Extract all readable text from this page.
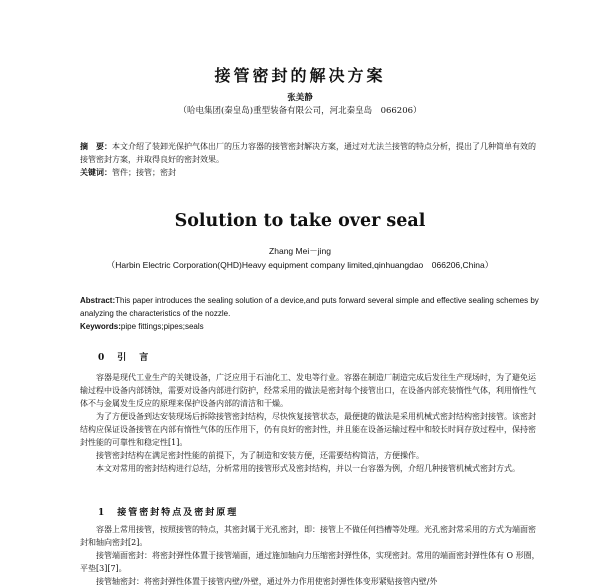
接管密封的解决方案
张美静
（哈电集团(秦皇岛)重型装备有限公司，河北秦皇岛　066206）
摘　要：本文介绍了装卸光保护气体出厂的压力容器的接管密封解决方案，通过对尤法兰接管的特点分析，提出了几种简单有效的接管密封方案，并取得良好的密封效果。
关键词：管件；接管；密封
Solution to take over seal
Zhang Mei－jing
（Harbin Electric Corporation(QHD)Heavy equipment company limited,qinhuangdao　066206,China）
Abstract:This paper introduces the sealing solution of a device,and puts forward several simple and effective sealing schemes by analyzing the characteristics of the nozzle.
Keywords:pipe fittings;pipes;seals
0　引　言

容器是现代工业生产的关键设备，广泛应用于石油化工、发电等行业。容器在制造厂制造完成后发往生产现场时，为了避免运输过程中设备内部锈蚀，需要对设备内部进行防护，经常采用的做法是密封每个接管出口，在设备内部充装惰性气体，利用惰性气体不与金属发生反应的原理来保护设备内部的清洁和干燥。

为了方便设备到达安装现场后拆除接管密封结构，尽快恢复接管状态，最便捷的做法是采用机械式密封结构密封接管。该密封结构应保证设备接管在内部有惰性气体的压作用下，仍有良好的密封性，并且能在设备运输过程中和较长时间存放过程中，保持密封性能的可靠性和稳定性[1]。

接管密封结构在满足密封性能的前提下，为了制造和安装方便，还需要结构简洁，方便操作。

本文对常用的密封结构进行总结，分析常用的接管形式及密封结构，并以一台容器为例，介绍几种接管机械式密封方式。

1　接管密封特点及密封原理

容器上常用接管，按照接管的特点，其密封属于光孔密封，即：接管上不做任何挡槽等处理。光孔密封常采用的方式为端面密封和轴向密封[2]。

接管端面密封：将密封弹性体置于接管端面，通过施加轴向力压缩密封弹性体，实现密封。常用的端面密封弹性体有 O 形圈，平垫[3][7]。

接管轴密封：将密封弹性体置于接管内壁/外壁，通过外力作用使密封弹性体变形紧贴接管内壁/外
